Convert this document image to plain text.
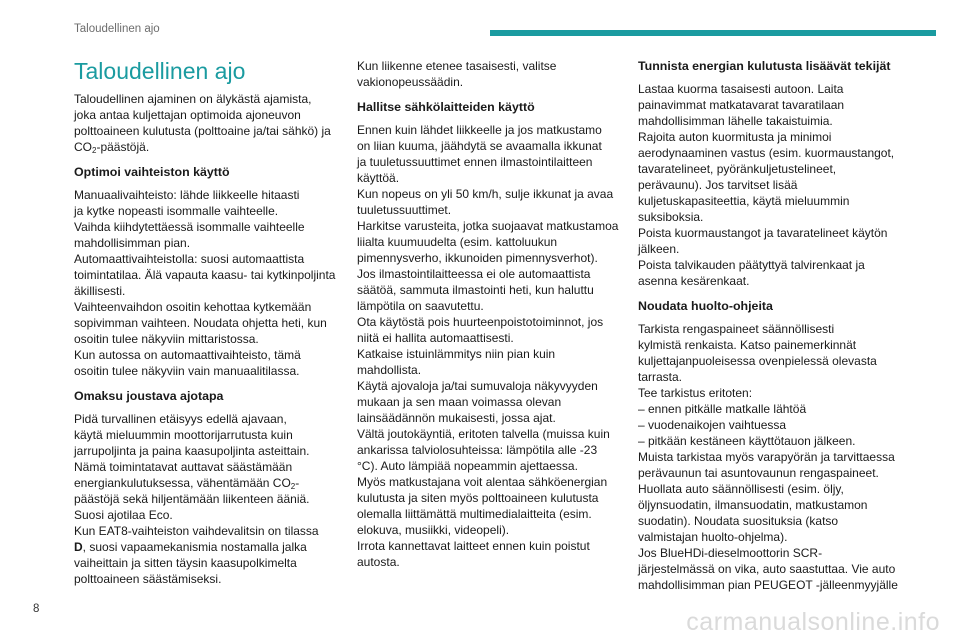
Taloudellinen ajo
Taloudellinen ajo

Taloudellinen ajaminen on älykästä ajamista,
joka antaa kuljettajan optimoida ajoneuvon
polttoaineen kulutusta (polttoaine ja/tai sähkö) ja
$CO_2$-päästöjä.

Optimoi vaihteiston käyttö

Manuaalivaihteisto: lähde liikkeelle hitaasti
ja kytke nopeasti isommalle vaihteelle.
Vaihda kiihdytettäessä isommalle vaihteelle
mahdollisimman pian.
Automaattivaihteistolla: suosi automaattista
toimintatilaa. Älä vapauta kaasu- tai kytkinpoljinta
äkillisesti.
Vaihteenvaihdon osoitin kehottaa kytkemään
sopivimman vaihteen. Noudata ohjetta heti, kun
osoitin tulee näkyviin mittaristossa.
Kun autossa on automaattivaihteisto, tämä
osoitin tulee näkyviin vain manuaalitilassa.

Omaksu joustava ajotapa

Pidä turvallinen etäisyys edellä ajavaan,
käytä mieluummin moottorijarrutusta kuin
jarrupoljinta ja paina kaasupoljinta asteittain.
Nämä toimintatavat auttavat säästämään
energiankulutuksessa, vähentämään $CO_2-$
päästöjä sekä hiljentämään liikenteen ääniä.
Suosi ajotilaa Eco.
Kun EAT8-vaihteiston vaihdevalitsin on tilassa
D, suosi vapaamekanismia nostamalla jalka
vaiheittain ja sitten täysin kaasupolkimelta
polttoaineen säästämiseksi.

Kun liikenne etenee tasaisesti, valitse
vakionopeussäädin.

Hallitse sähkölaitteiden käyttö

Ennen kuin lähdet liikkeelle ja jos matkustamo
on liian kuuma, jäähdytä se avaamalla ikkunat
ja tuuletussuuttimet ennen ilmastointilaitteen
käyttöä.
Kun nopeus on yli 50 km/h, sulje ikkunat ja avaa
tuuletussuuttimet.
Harkitse varusteita, jotka suojaavat matkustamoa
liialta kuumuudelta (esim. kattoluukun
pimennysverho, ikkunoiden pimennysverhot).
Jos ilmastointilaitteessa ei ole automaattista
säätöä, sammuta ilmastointi heti, kun haluttu
lämpötila on saavutettu.
Ota käytöstä pois huurteenpoistotoiminnot, jos
niitä ei hallita automaattisesti.
Katkaise istuinlämmitys niin pian kuin
mahdollista.
Käytä ajovaloja ja/tai sumuvaloja näkyvyyden
mukaan ja sen maan voimassa olevan
lainsäädännön mukaisesti, jossa ajat.
Vältä joutokäyntiä, eritoten talvella (muissa kuin
ankarissa talviolosuhteissa: lämpötila alle -23
°C). Auto lämpiää nopeammin ajettaessa.
Myös matkustajana voit alentaa sähköenergian
kulutusta ja siten myös polttoaineen kulutusta
olemalla liittämättä multimedialaitteita (esim.
elokuva, musiikki, videopeli).
Irrota kannettavat laitteet ennen kuin poistut
autosta.

Tunnista energian kulutusta lisäävät tekijät

Lastaa kuorma tasaisesti autoon. Laita
painavimmat matkatavarat tavaratilaan
mahdollisimman lähelle takaistuimia.
Rajoita auton kuormitusta ja minimoi
aerodynaaminen vastus (esim. kuormaustangot,
tavaratelineet, pyöränkuljetustelineet,
perävaunu). Jos tarvitset lisää
kuljetuskapasiteettia, käytä mieluummin
suksiboksia.
Poista kuormaustangot ja tavaratelineet käytön
jälkeen.
Poista talvikauden päätyttyä talvirenkaat ja
asenna kesärenkaat.

Noudata huolto-ohjeita

Tarkista rengaspaineet säännöllisesti
kylmistä renkaista. Katso painemerkinnät
kuljettajanpuoleisessa ovenpielessä olevasta
tarrasta.
Tee tarkistus eritoten:
– ennen pitkälle matkalle lähtöä
– vuodenaikojen vaihtuessa
– pitkään kestäneen käyttötauon jälkeen.
Muista tarkistaa myös varapyörän ja tarvittaessa
perävaunun tai asuntovaunun rengaspaineet.
Huollata auto säännöllisesti (esim. öljy,
öljynsuodatin, ilmansuodatin, matkustamon
suodatin). Noudata suosituksia (katso
valmistajan huolto-ohjelma).
Jos BlueHDi-dieselmoottorin SCR-
järjestelmässä on vika, auto saastuttaa. Vie auto
mahdollisimman pian PEUGEOT -jälleenmyyjälle

8	carmanualsonline.info
